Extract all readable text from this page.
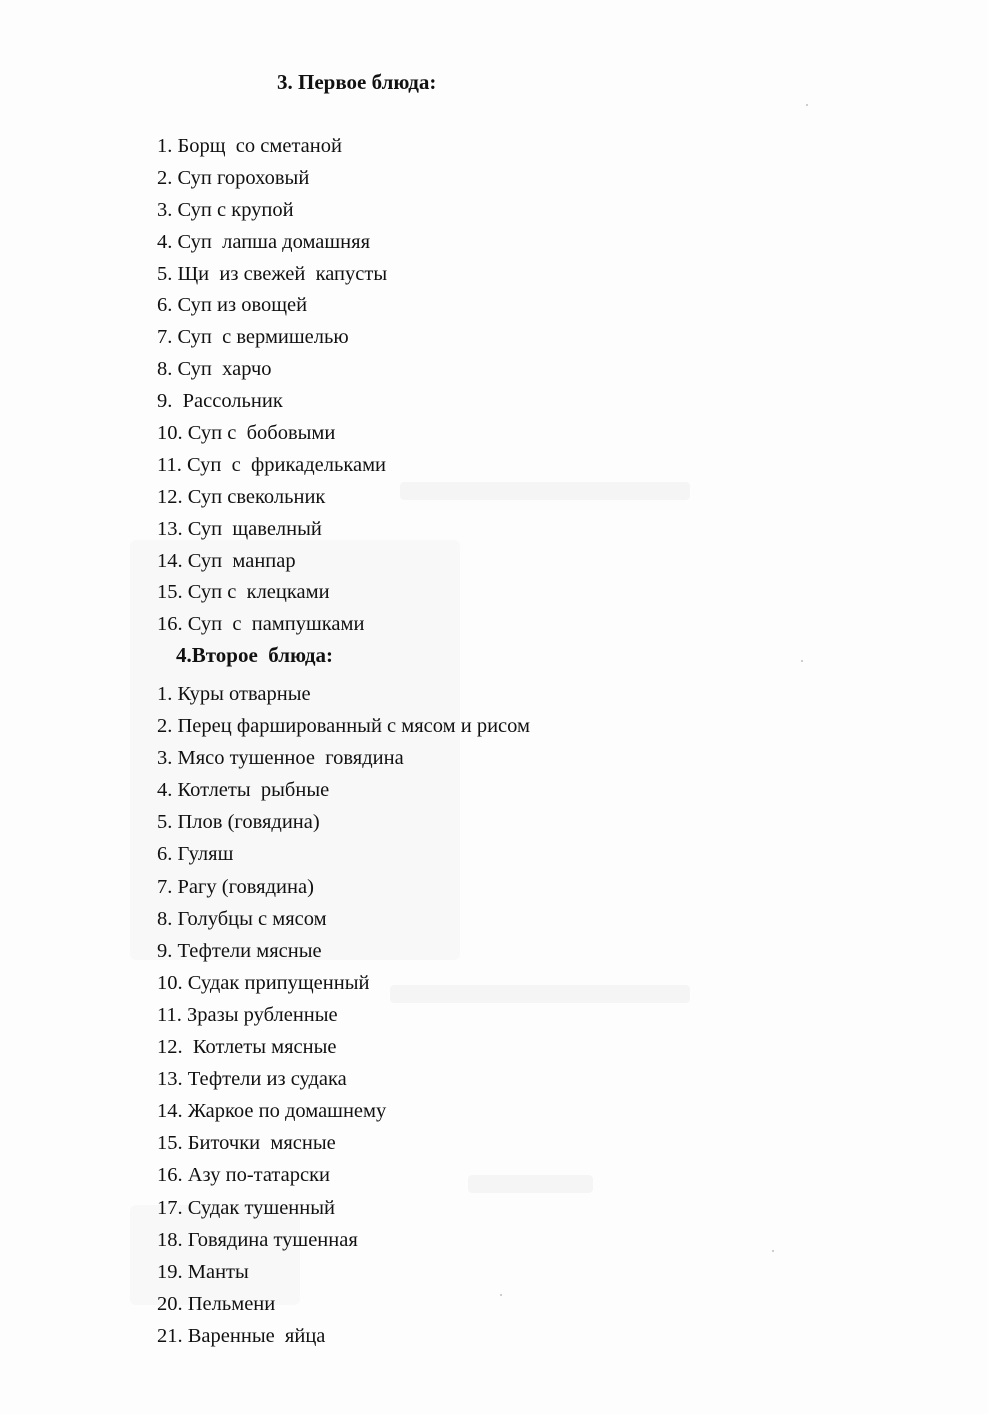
3. Первое блюда:
1. Борщ  со сметаной
2. Суп гороховый
3. Суп с крупой
4. Суп  лапша домашняя
5. Щи  из свежей  капусты
6. Суп из овощей
7. Суп  с вермишелью
8. Суп  харчо
9.  Рассольник
10. Суп с  бобовыми
11. Суп  с  фрикадельками
12. Суп свекольник
13. Суп  щавелный
14. Суп  манпар
15. Суп с  клецками
16. Суп  с  пампушками
4.Второе  блюда:
1. Куры отварные
2. Перец фаршированный с мясом и рисом
3. Мясо тушенное  говядина
4. Котлеты  рыбные
5. Плов (говядина)
6. Гуляш
7. Рагу (говядина)
8. Голубцы с мясом
9. Тефтели мясные
10. Судак припущенный
11. Зразы рубленные
12.  Котлеты мясные
13. Тефтели из судака
14. Жаркое по домашнему
15. Биточки  мясные
16. Азу по-татарски
17. Судак тушенный
18. Говядина тушенная
19. Манты
20. Пельмени
21. Варенные  яйца
